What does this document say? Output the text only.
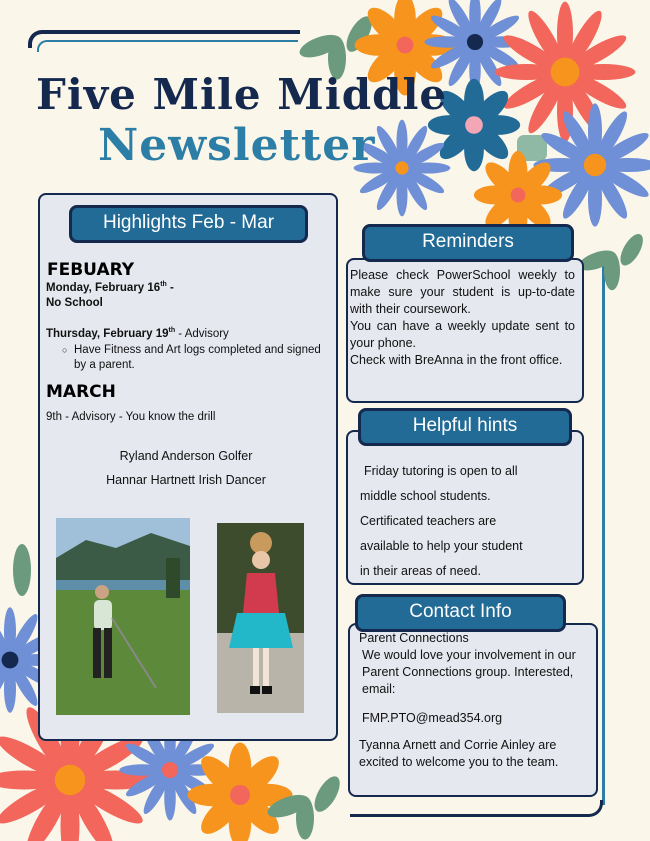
Five Mile Middle
Newsletter
Highlights Feb - Mar
FEBUARY
Monday, February 16th -
No School
Thursday, February 19th - Advisory
○ Have Fitness and Art logs completed and signed by a parent.
MARCH
9th - Advisory - You know the drill
Ryland Anderson Golfer
Hannar Hartnett Irish Dancer
Reminders
Please check PowerSchool weekly to make sure your student is up-to-date with their coursework.
You can have a weekly update sent to your phone.
Check with BreAnna in the front office.
Helpful hints
Friday tutoring is open to all
middle school students.
Certificated teachers are
available to help your student
in their areas of need.
Contact Info
Parent Connections
We would love your involvement in our Parent Connections group. Interested, email:
FMP.PTO@mead354.org
Tyanna Arnett and Corrie Ainley are excited to welcome you to the team.
